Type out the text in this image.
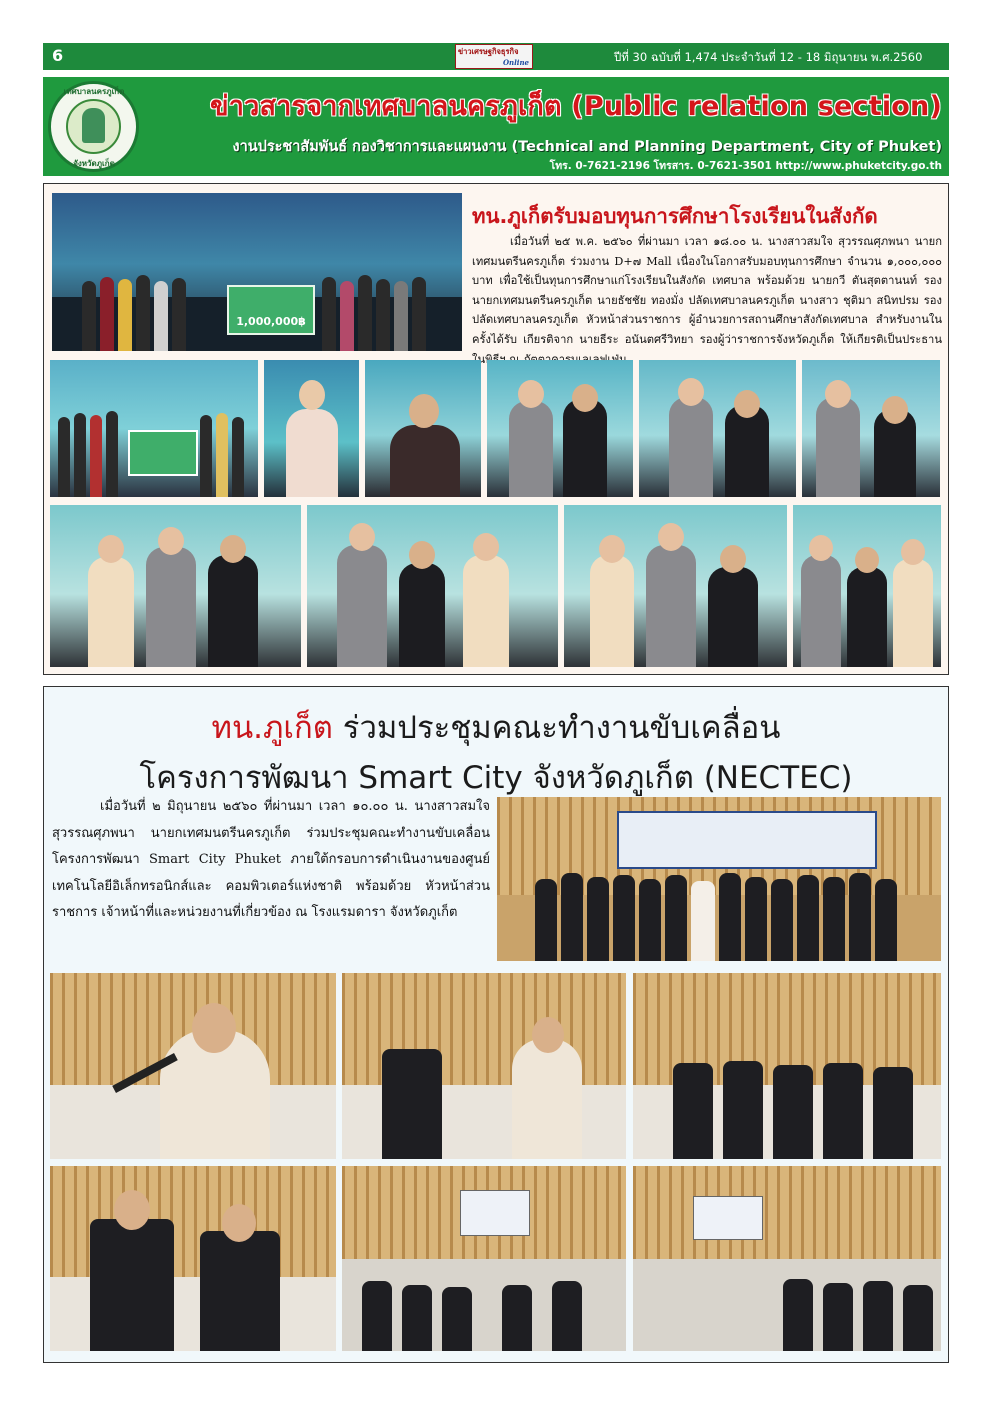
6	ข่าวเศรษฐกิจธุรกิจ
Online	ปีที่ 30 ฉบับที่ 1,474 ประจำวันที่ 12 - 18 มิถุนายน พ.ศ.2560
เทศบาลนครภูเก็ต
จังหวัดภูเก็ต
ข่าวสารจากเทศบาลนครภูเก็ต (Public relation section)
งานประชาสัมพันธ์ กองวิชาการและแผนงาน (Technical and Planning Department, City of Phuket)
โทร. 0-7621-2196 โทรสาร. 0-7621-3501 http://www.phuketcity.go.th
1,000,000฿
ทน.ภูเก็ตรับมอบทุนการศึกษาโรงเรียนในสังกัด

เมื่อวันที่ ๒๕ พ.ค. ๒๕๖๐ ที่ผ่านมา เวลา ๑๘.๐๐ น. นางสาวสมใจ สุวรรณศุภพนา นายกเทศมนตรีนครภูเก็ต ร่วมงาน D+๗ Mall เนื่องในโอกาสรับมอบทุนการศึกษา จำนวน ๑,๐๐๐,๐๐๐ บาท เพื่อใช้เป็นทุนการศึกษาแก่โรงเรียนในสังกัด เทศบาล พร้อมด้วย นายกวี ตันสุตตานนท์ รองนายกเทศมนตรีนครภูเก็ต นายธัชชัย ทองมั่ง ปลัดเทศบาลนครภูเก็ต นางสาว ชุติมา สนิทปรม รองปลัดเทศบาลนครภูเก็ต หัวหน้าส่วนราชการ ผู้อำนวยการสถานศึกษาสังกัดเทศบาล สำหรับงานในครั้งได้รับ เกียรติจาก นายธีระ อนันตศรีวิทยา รองผู้ว่าราชการจังหวัดภูเก็ต ให้เกียรติเป็นประธาน น

ทน.ภูเก็ต ร่วมประชุมคณะทำงานขับเคลื่อน
โครงการพัฒนา Smart City จังหวัดภูเก็ต (NECTEC)

เมื่อวันที่ ๒ มิถุนายน ๒๕๖๐ ที่ผ่านมา เวลา ๑๐.๐๐ น. นางสาวสมใจ สุวรรณศุภพนา นายกเทศมนตรีนครภูเก็ต ร่วมประชุมคณะทำงานขับเคลื่อนโครงการพัฒนา Smart City Phuket ภายใต้กรอบการดำเนินงานของศูนย์ เทคโนโลยีอิเล็กทรอนิกส์และ คอมพิวเตอร์แห่งชาติ พร้อมด้วย หัวหน้าส่วนราชการ เจ้าหน้าที่และหน่วยงานที่เกี่ยวข้อง ณ โรงแรมดารา จังหวัดภูเก็ต
